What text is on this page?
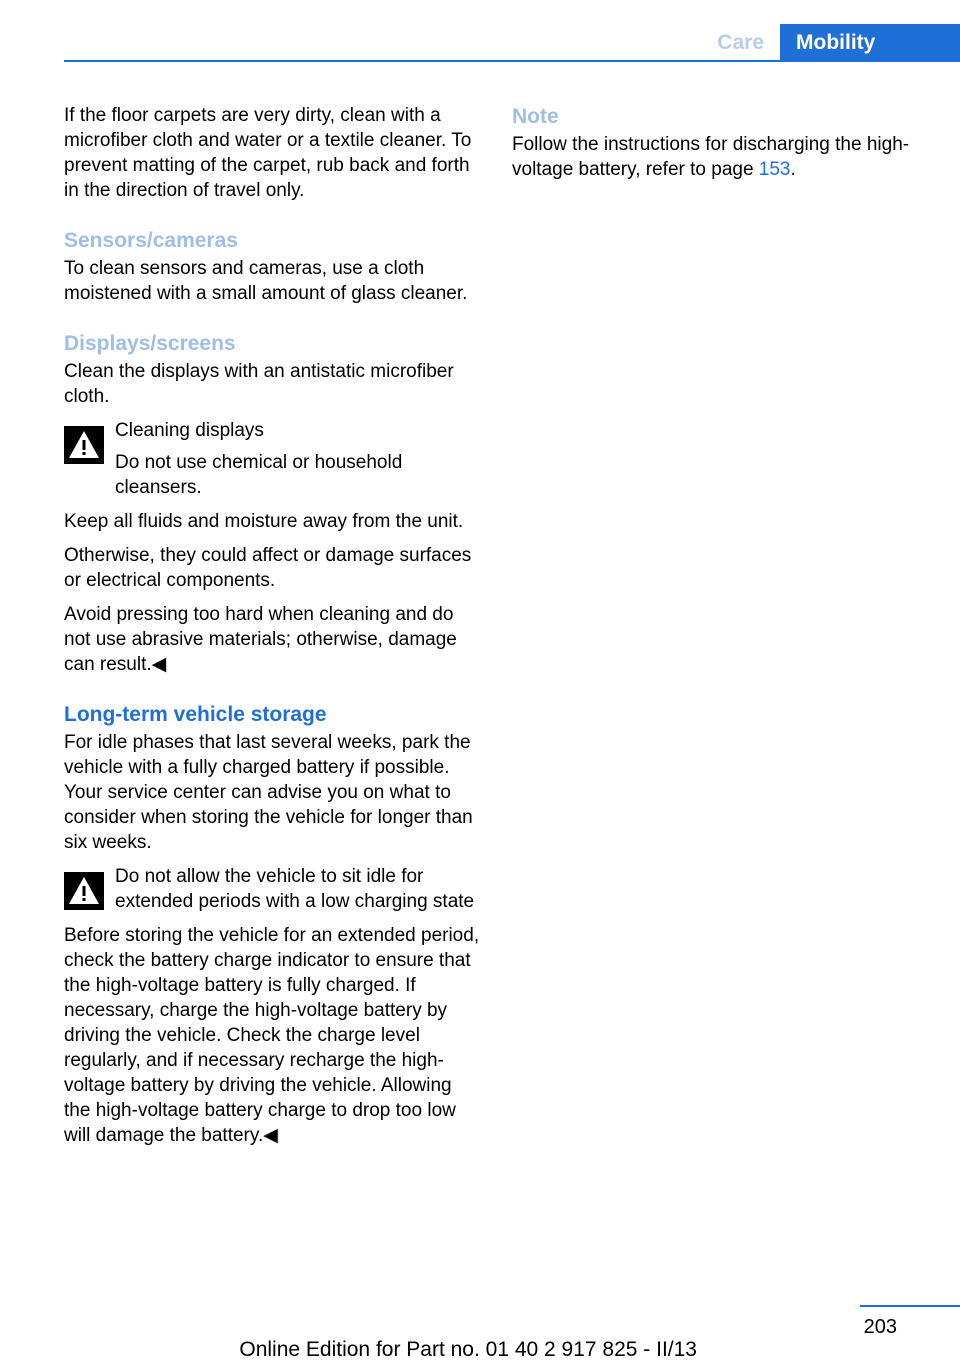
Care	Mobility

If the floor carpets are very dirty, clean with a microfiber cloth and water or a textile cleaner. To prevent matting of the carpet, rub back and forth in the direction of travel only.

Sensors/cameras

To clean sensors and cameras, use a cloth moistened with a small amount of glass cleaner.

Displays/screens

Clean the displays with an antistatic microfiber cloth.

Cleaning displays

Do not use chemical or household cleansers.

Keep all fluids and moisture away from the unit.

Otherwise, they could affect or damage surfaces or electrical components.

Avoid pressing too hard when cleaning and do not use abrasive materials; otherwise, damage can result.◀

Long-term vehicle storage

For idle phases that last several weeks, park the vehicle with a fully charged battery if possible. Your service center can advise you on what to consider when storing the vehicle for longer than six weeks.

Do not allow the vehicle to sit idle for extended periods with a low charging state

Before storing the vehicle for an extended period, check the battery charge indicator to ensure that the high-voltage battery is fully charged. If necessary, charge the high-voltage battery by driving the vehicle. Check the charge level regularly, and if necessary recharge the high-voltage battery by driving the vehicle. Allowing the high-voltage battery charge to drop too low will damage the battery.◀

Note

Follow the instructions for discharging the high-voltage battery, refer to page 153.

203
Online Edition for Part no. 01 40 2 917 825 - II/13
